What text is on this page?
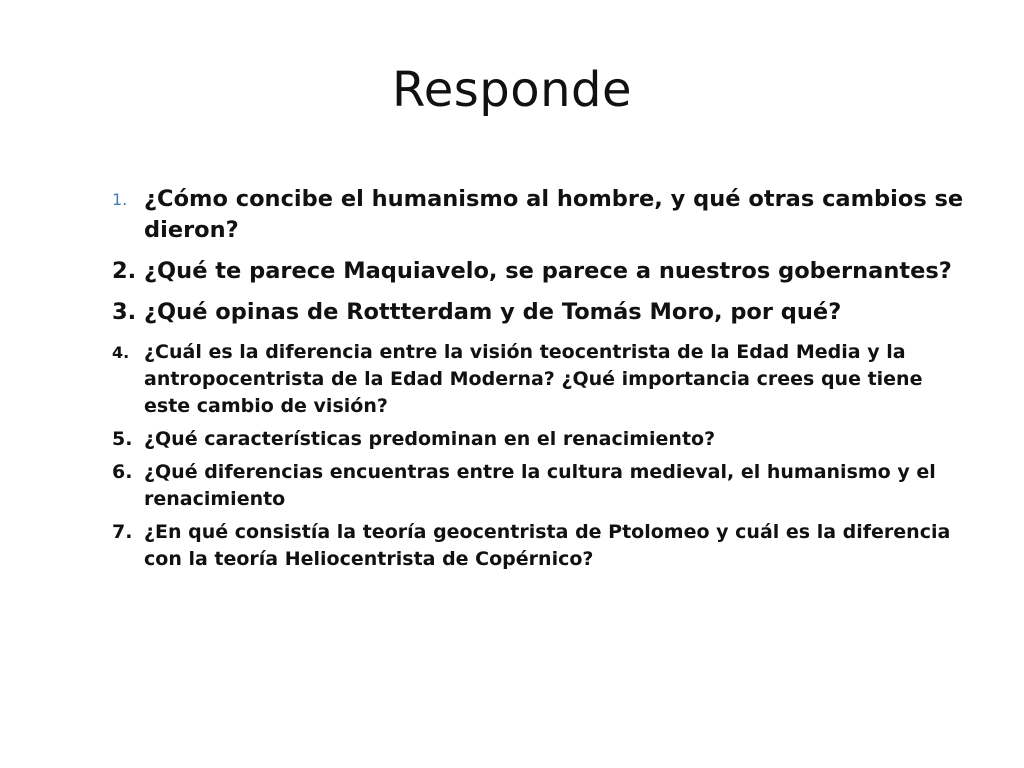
Responde
1. ¿Cómo concibe el humanismo al hombre, y qué otras cambios se dieron?
2. ¿Qué te parece Maquiavelo, se parece a nuestros gobernantes?
3. ¿Qué opinas de Rottterdam y de Tomás Moro, por qué?
4. ¿Cuál es la diferencia entre la visión teocentrista de la Edad Media y la antropocentrista de la Edad Moderna? ¿Qué importancia crees que tiene este cambio de visión?
5. ¿Qué características predominan en el renacimiento?
6. ¿Qué diferencias encuentras entre la cultura medieval, el humanismo y el renacimiento
7. ¿En qué consistía la teoría geocentrista de Ptolomeo y cuál es la diferencia con la teoría Heliocentrista de Copérnico?
